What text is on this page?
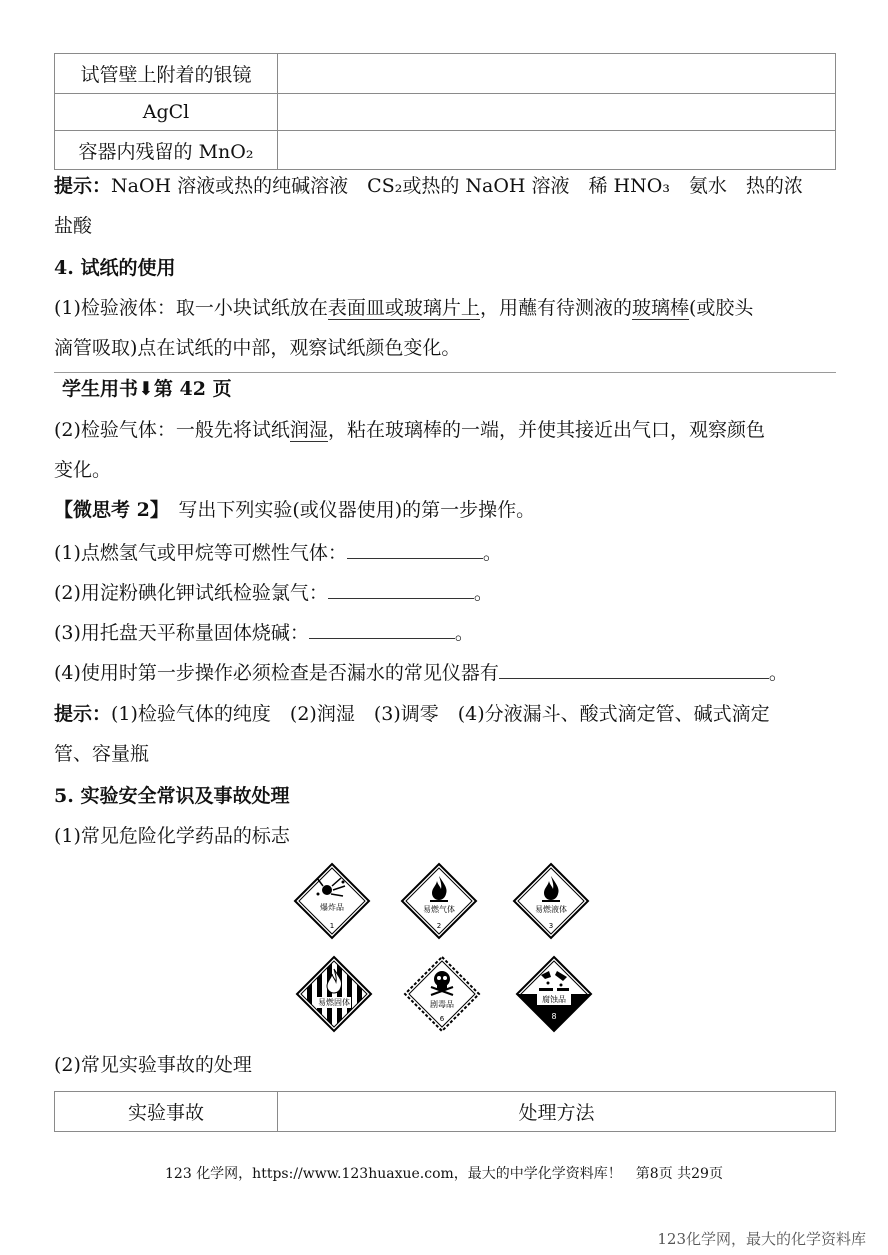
试管壁上附着的银镜	
AgCl	
容器内残留的 MnO₂	
提示：NaOH 溶液或热的纯碱溶液　CS₂或热的 NaOH 溶液　稀 HNO₃　氨水　热的浓
盐酸
4. 试纸的使用
(1)检验液体：取一小块试纸放在表面皿或玻璃片上，用蘸有待测液的玻璃棒(或胶头
滴管吸取)点在试纸的中部，观察试纸颜色变化。
学生用书⬇第 42 页
(2)检验气体：一般先将试纸润湿，粘在玻璃棒的一端，并使其接近出气口，观察颜色
变化。
【微思考 2】　 写出下列实验(或仪器使用)的第一步操作。
(1)点燃氢气或甲烷等可燃性气体：	。
(2)用淀粉碘化钾试纸检验氯气：	。
(3)用托盘天平称量固体烧碱：	。
(4)使用时第一步操作必须检查是否漏水的常见仪器有	。
提示：(1)检验气体的纯度　(2)润湿　(3)调零　(4)分液漏斗、酸式滴定管、碱式滴定
管、容量瓶
5. 实验安全常识及事故处理
(1)常见危险化学药品的标志
爆炸品
1
易燃气体
2
易燃液体
3
易燃固体
4
剧毒品
6
腐蚀品
8
(2)常见实验事故的处理
实验事故	处理方法
123 化学网，https://www.123huaxue.com，最大的中学化学资料库！　第8页 共29页
123化学网，最大的化学资料库
